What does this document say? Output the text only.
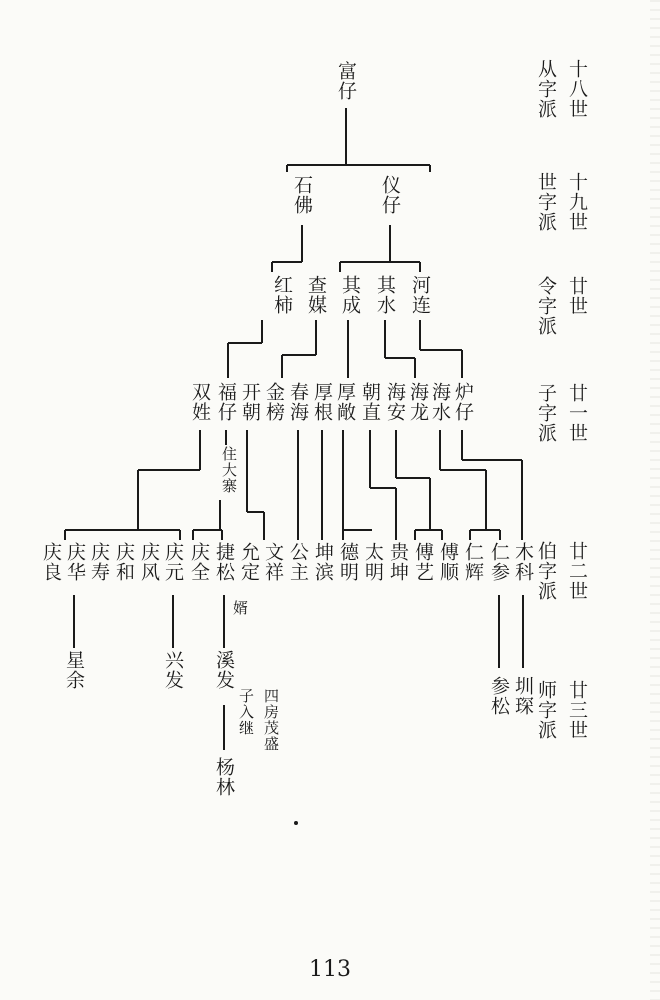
十八世
从字派
十九世
世字派
廿世
令字派
廿一世
子字派
廿二世
伯字派
廿三世
师字派
富仔
石佛	仪仔
红柿 查媒 其成 其水 河连
双姓 福仔 开朝 金榜 春海 厚根 厚敞 朝直 海安 海龙 海水 炉仔
住大寨
庆良 庆华 庆寿 庆和 庆风 庆元 庆全 捷松 允定 文祥 公主 坤滨 德明 太明 贵坤 傅艺 傅顺 仁辉 仁参 木科
婿
星余	兴发 溪发
子入继 四房茂盛
杨林
参松 圳琛
113
